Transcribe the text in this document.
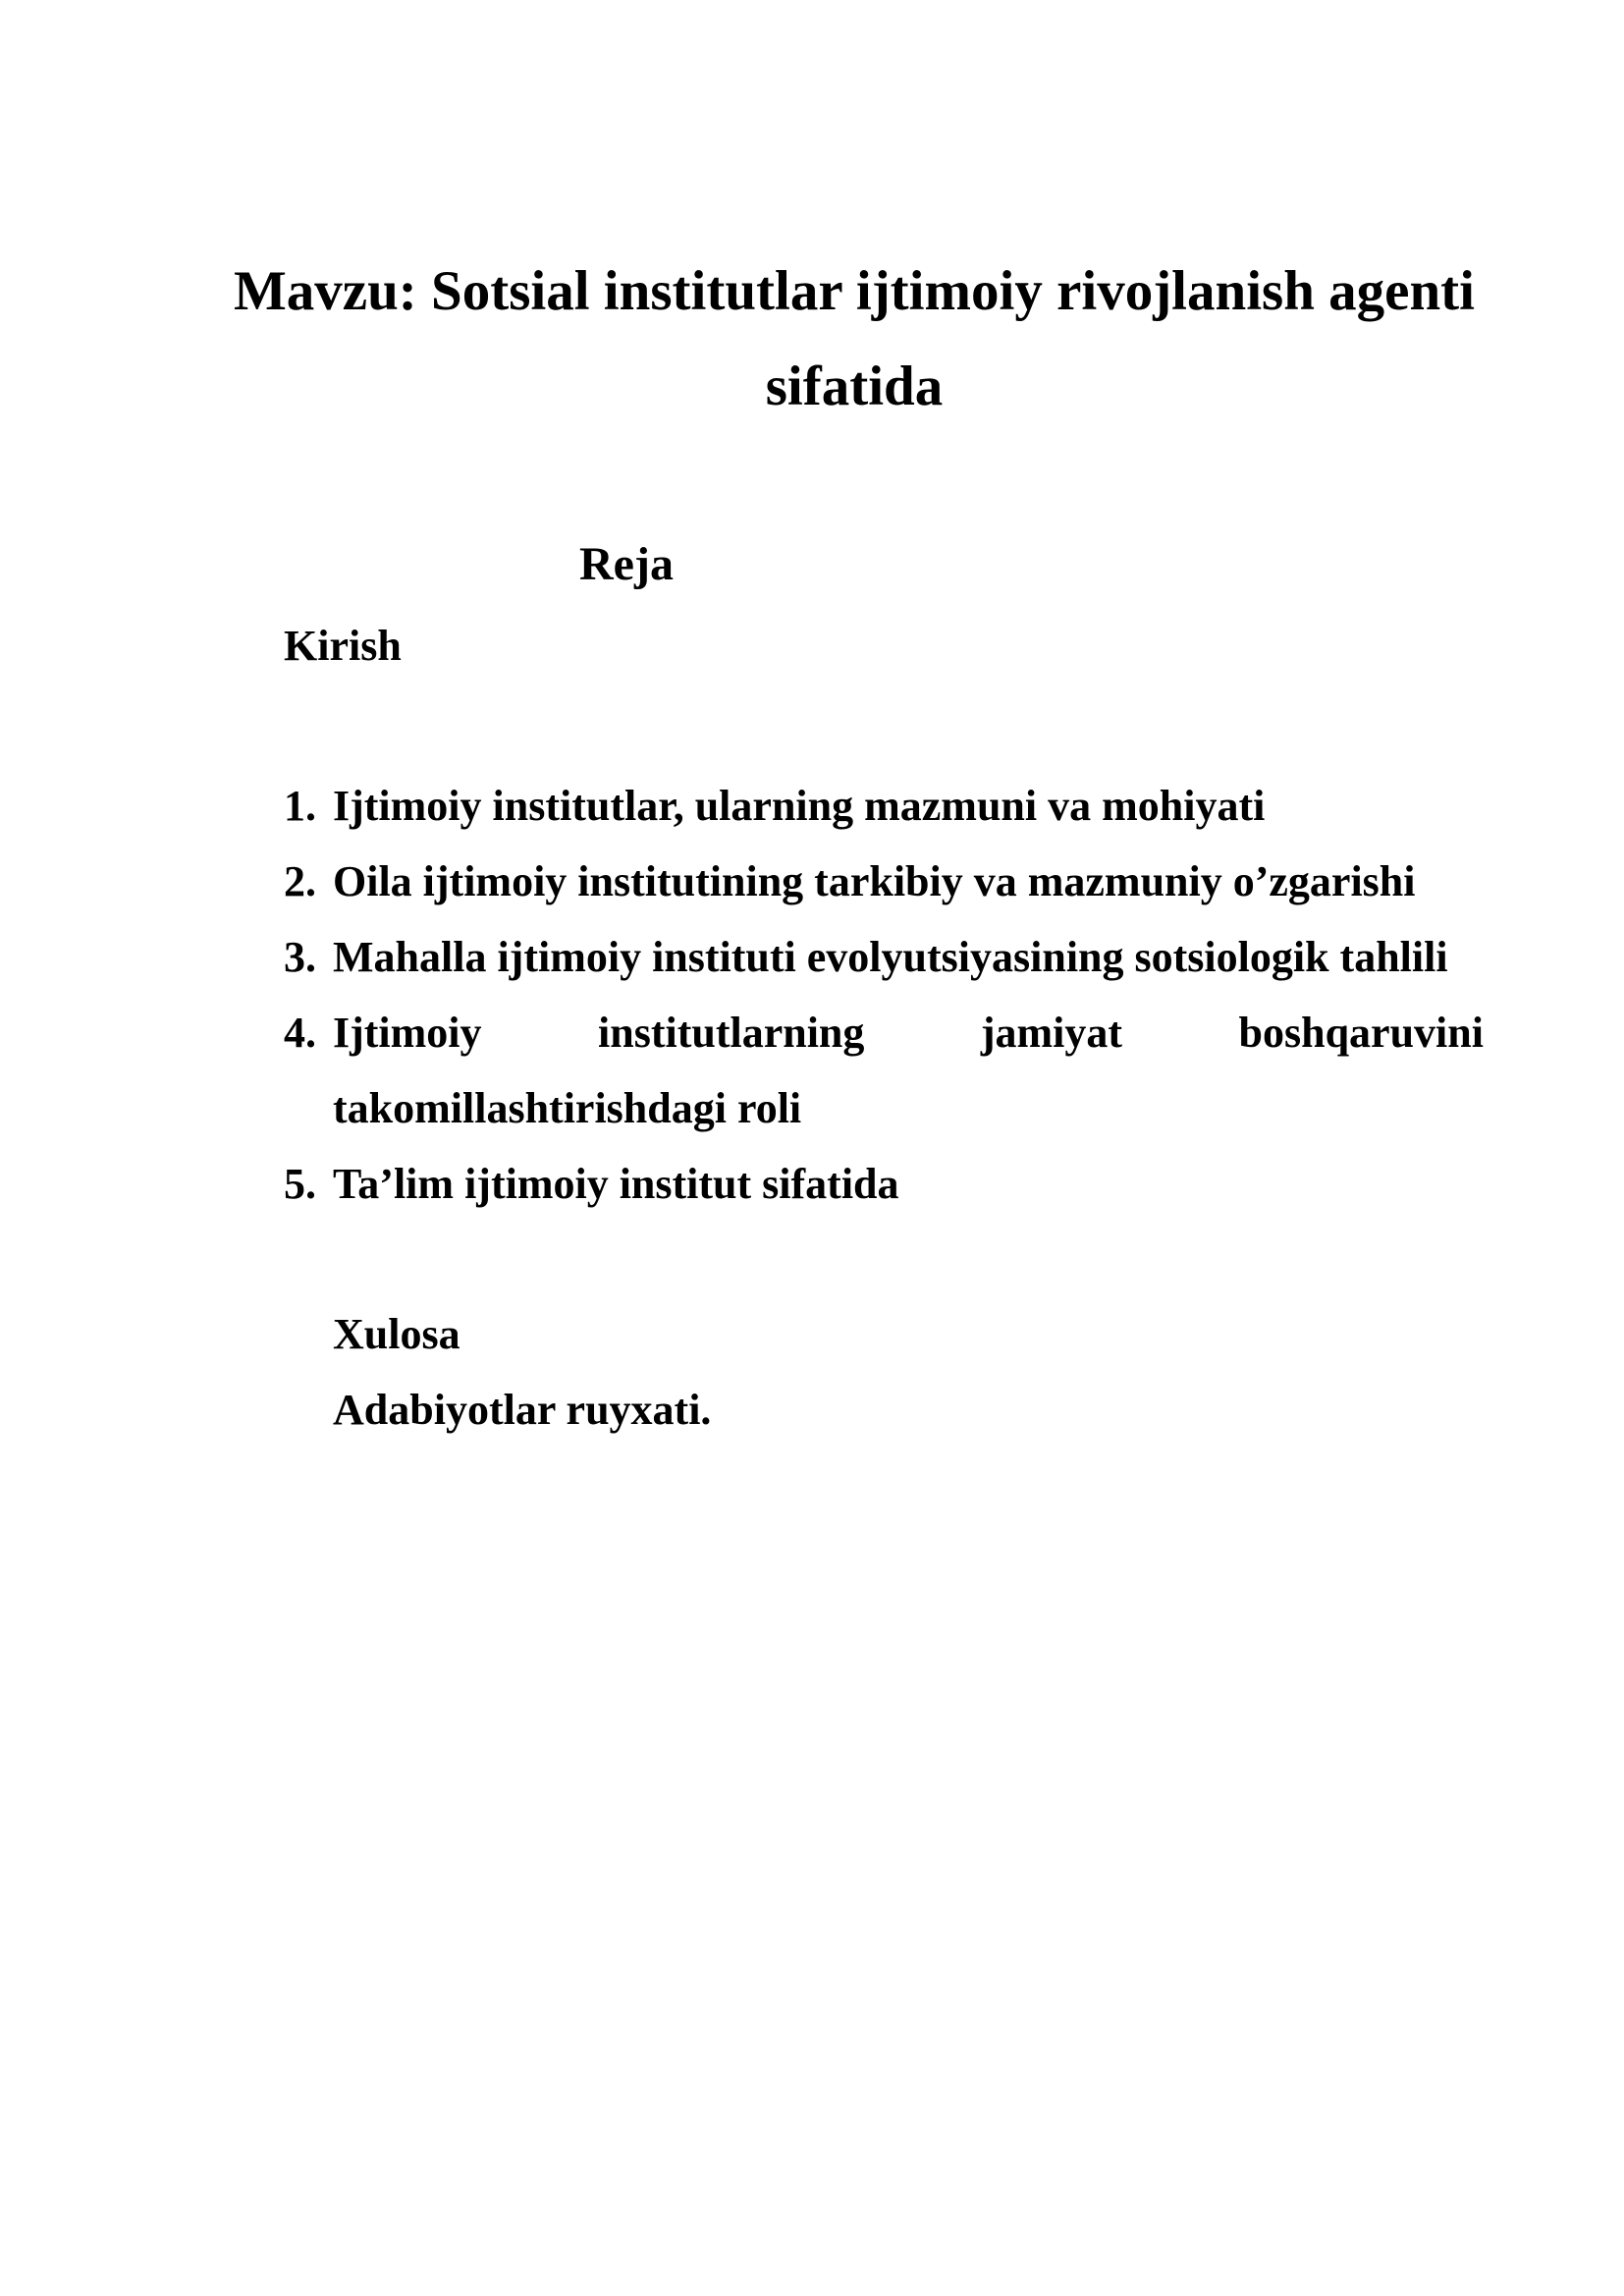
Mavzu: Sotsial institutlar ijtimoiy rivojlanish agenti sifatida
Reja
Kirish
1. Ijtimoiy institutlar, ularning mazmuni va mohiyati
2. Oila ijtimoiy institutining tarkibiy va mazmuniy o’zgarishi
3. Mahalla ijtimoiy instituti evolyutsiyasining sotsiologik tahlili
4. Ijtimoiy	institutlarning	jamiyat	boshqaruvini
takomillashtirishdagi roli
5. Ta’lim ijtimoiy institut sifatida
Xulosa
Adabiyotlar ruyxati.
